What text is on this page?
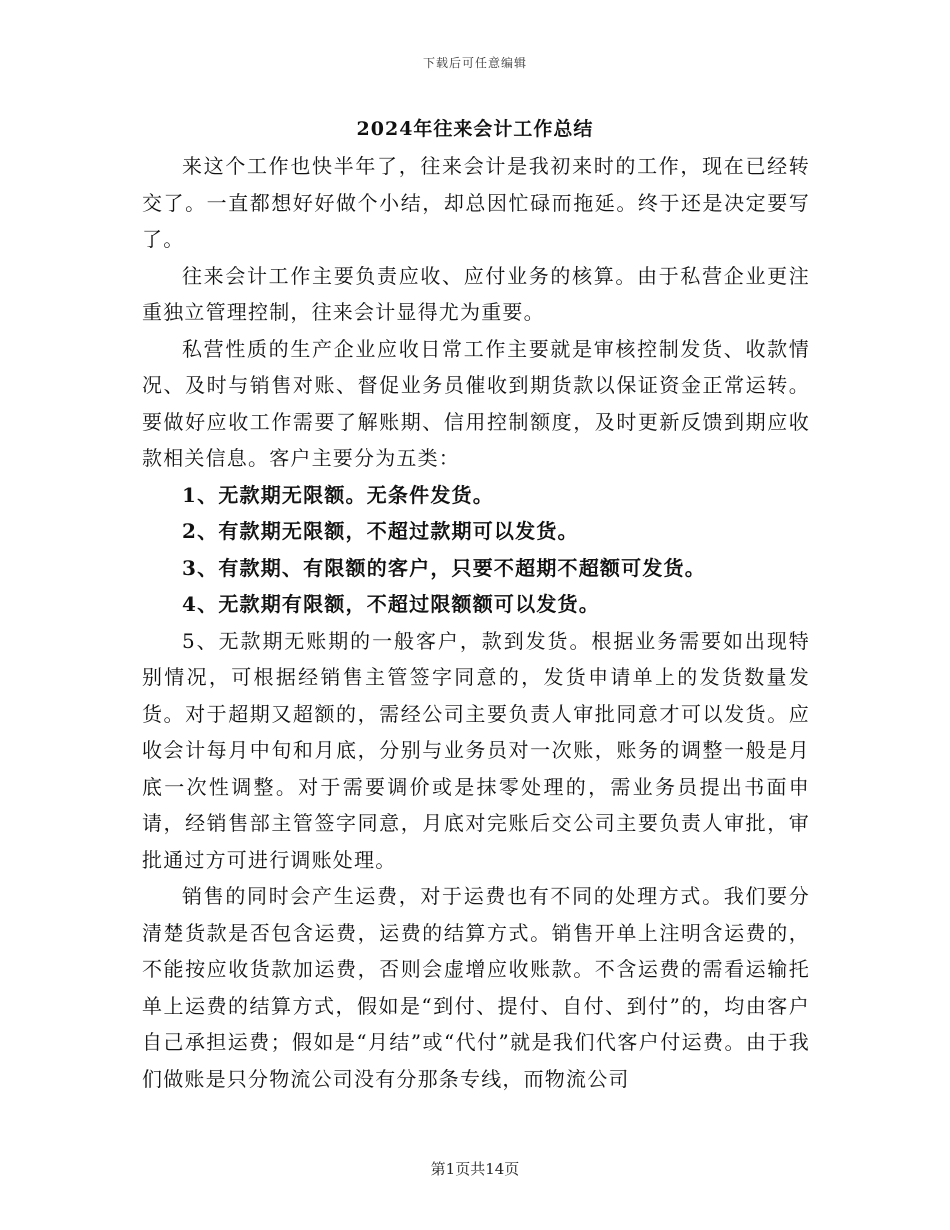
下载后可任意编辑
2024年往来会计工作总结

来这个工作也快半年了，往来会计是我初来时的工作，现在已经转交了。一直都想好好做个小结，却总因忙碌而拖延。终于还是决定要写了。

往来会计工作主要负责应收、应付业务的核算。由于私营企业更注重独立管理控制，往来会计显得尤为重要。

私营性质的生产企业应收日常工作主要就是审核控制发货、收款情况、及时与销售对账、督促业务员催收到期货款以保证资金正常运转。要做好应收工作需要了解账期、信用控制额度，及时更新反馈到期应收款相关信息。客户主要分为五类：

1、无款期无限额。无条件发货。

2、有款期无限额，不超过款期可以发货。

3、有款期、有限额的客户，只要不超期不超额可发货。

4、无款期有限额，不超过限额额可以发货。

5、无款期无账期的一般客户，款到发货。根据业务需要如出现特别情况，可根据经销售主管签字同意的，发货申请单上的发货数量发货。对于超期又超额的，需经公司主要负责人审批同意才可以发货。应收会计每月中旬和月底，分别与业务员对一次账，账务的调整一般是月底一次性调整。对于需要调价或是抹零处理的，需业务员提出书面申请，经销售部主管签字同意，月底对完账后交公司主要负责人审批，审批通过方可进行调账处理。

销售的同时会产生运费，对于运费也有不同的处理方式。我们要分清楚货款是否包含运费，运费的结算方式。销售开单上注明含运费的，不能按应收货款加运费，否则会虚增应收账款。不含运费的需看运输托单上运费的结算方式，假如是“到付、提付、自付、到付”的，均由客户自己承担运费；假如是“月结”或“代付”就是我们代客户付运费。由于我们做账是只分物流公司没有分那条专线，而物流公司

第1页共14页
